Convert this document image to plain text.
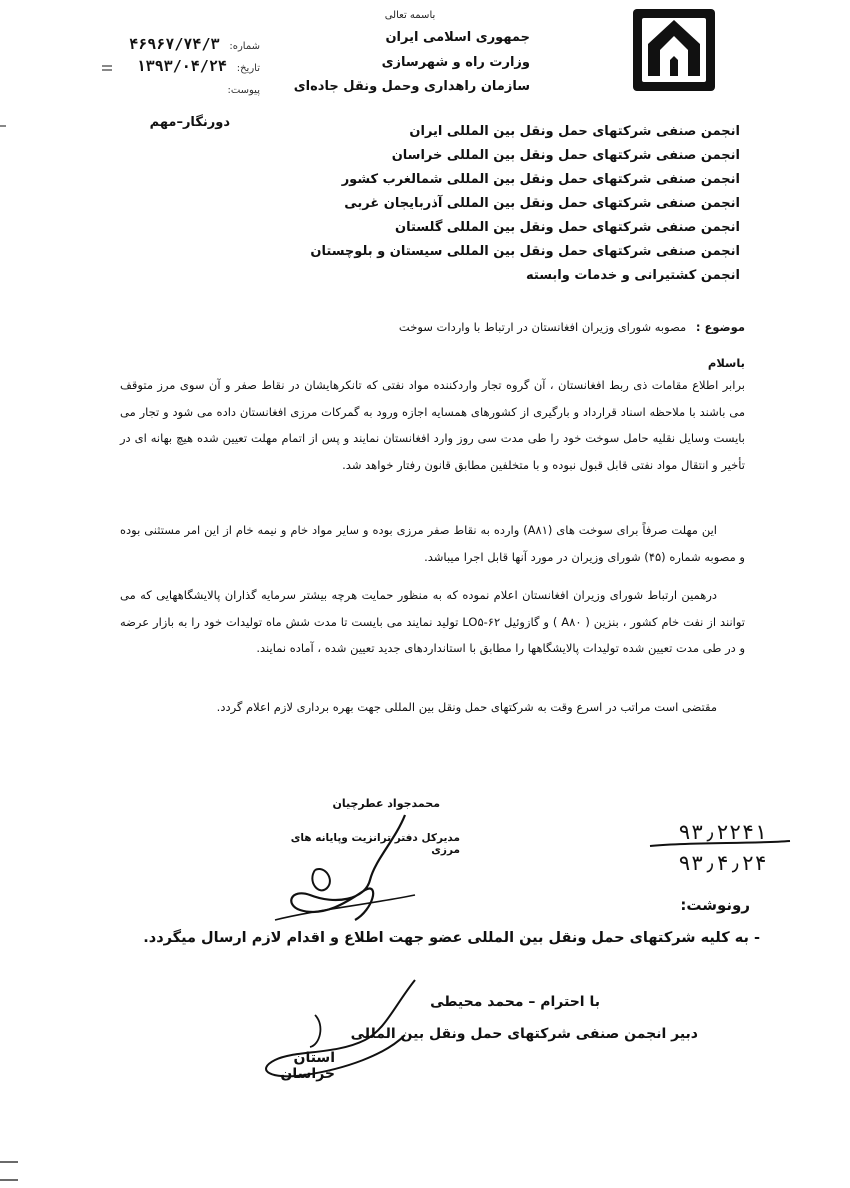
باسمه تعالی
جمهوری اسلامی ایران
وزارت راه و شهرسازی
سازمان راهداری وحمل ونقل جاده‌ای
شماره: ۴۶۹۶۷/۷۴/۳
تاریخ: ۱۳۹۳/۰۴/۲۴
پیوست:
دورنگار–مهم
انجمن صنفی شرکتهای حمل ونقل بین المللی ایران
انجمن صنفی شرکتهای حمل ونقل بین المللی خراسان
انجمن صنفی شرکتهای حمل ونقل بین المللی شمالغرب کشور
انجمن صنفی شرکتهای حمل ونقل بین المللی آذربایجان غربی
انجمن صنفی شرکتهای حمل ونقل بین المللی گلستان
انجمن صنفی شرکتهای حمل ونقل بین المللی سیستان و بلوچستان
انجمن کشتیرانی و خدمات وابسته
موضوع : مصوبه شورای وزیران افغانستان در ارتباط با واردات سوخت
باسلام
برابر اطلاع مقامات ذی ربط افغانستان ، آن گروه تجار واردکننده مواد نفتی که تانکرهایشان در نقاط صفر و آن سوی مرز متوقف می باشند با ملاحظه اسناد قرارداد و بارگیری از کشورهای همسایه اجازه ورود به گمرکات مرزی افغانستان داده می شود و تجار می بایست وسایل نقلیه حامل سوخت خود را طی مدت سی روز وارد افغانستان نمایند و پس از اتمام مهلت تعیین شده هیچ بهانه ای در تأخیر و انتقال مواد نفتی قابل قبول نبوده و با متخلفین مطابق قانون رفتار خواهد شد.
این مهلت صرفاً برای سوخت های (A۸۱) وارده به نقاط صفر مرزی بوده و سایر مواد خام و نیمه خام از این امر مستثنی بوده و مصوبه شماره (۴۵) شورای وزیران در مورد آنها قابل اجرا میباشد.
درهمین ارتباط شورای وزیران افغانستان اعلام نموده که به منظور حمایت هرچه بیشتر سرمایه گذاران پالایشگاههایی که می توانند از نفت خام کشور ، بنزین ( A۸۰ ) و گازوئیل LO۵-۶۲ تولید نمایند می بایست تا مدت شش ماه تولیدات خود را به بازار عرضه و در طی مدت تعیین شده تولیدات پالایشگاهها را مطابق با استانداردهای جدید تعیین شده ، آماده نمایند.
مقتضی است مراتب در اسرع وقت به شرکتهای حمل ونقل بین المللی جهت بهره برداری لازم اعلام گردد.
محمدجواد عطرچیان
مدیرکل دفتر ترانزیت وپایانه های مرزی
۹۳٫۲۲۴۱
۹۳٫۴٫۲۴
رونوشت:
- به کلیه شرکتهای حمل ونقل بین المللی عضو جهت اطلاع و اقدام لازم ارسال میگردد.
با احترام – محمد محیطی
دبیر انجمن صنفی شرکتهای حمل ونقل بین المللی
استان خراسان
